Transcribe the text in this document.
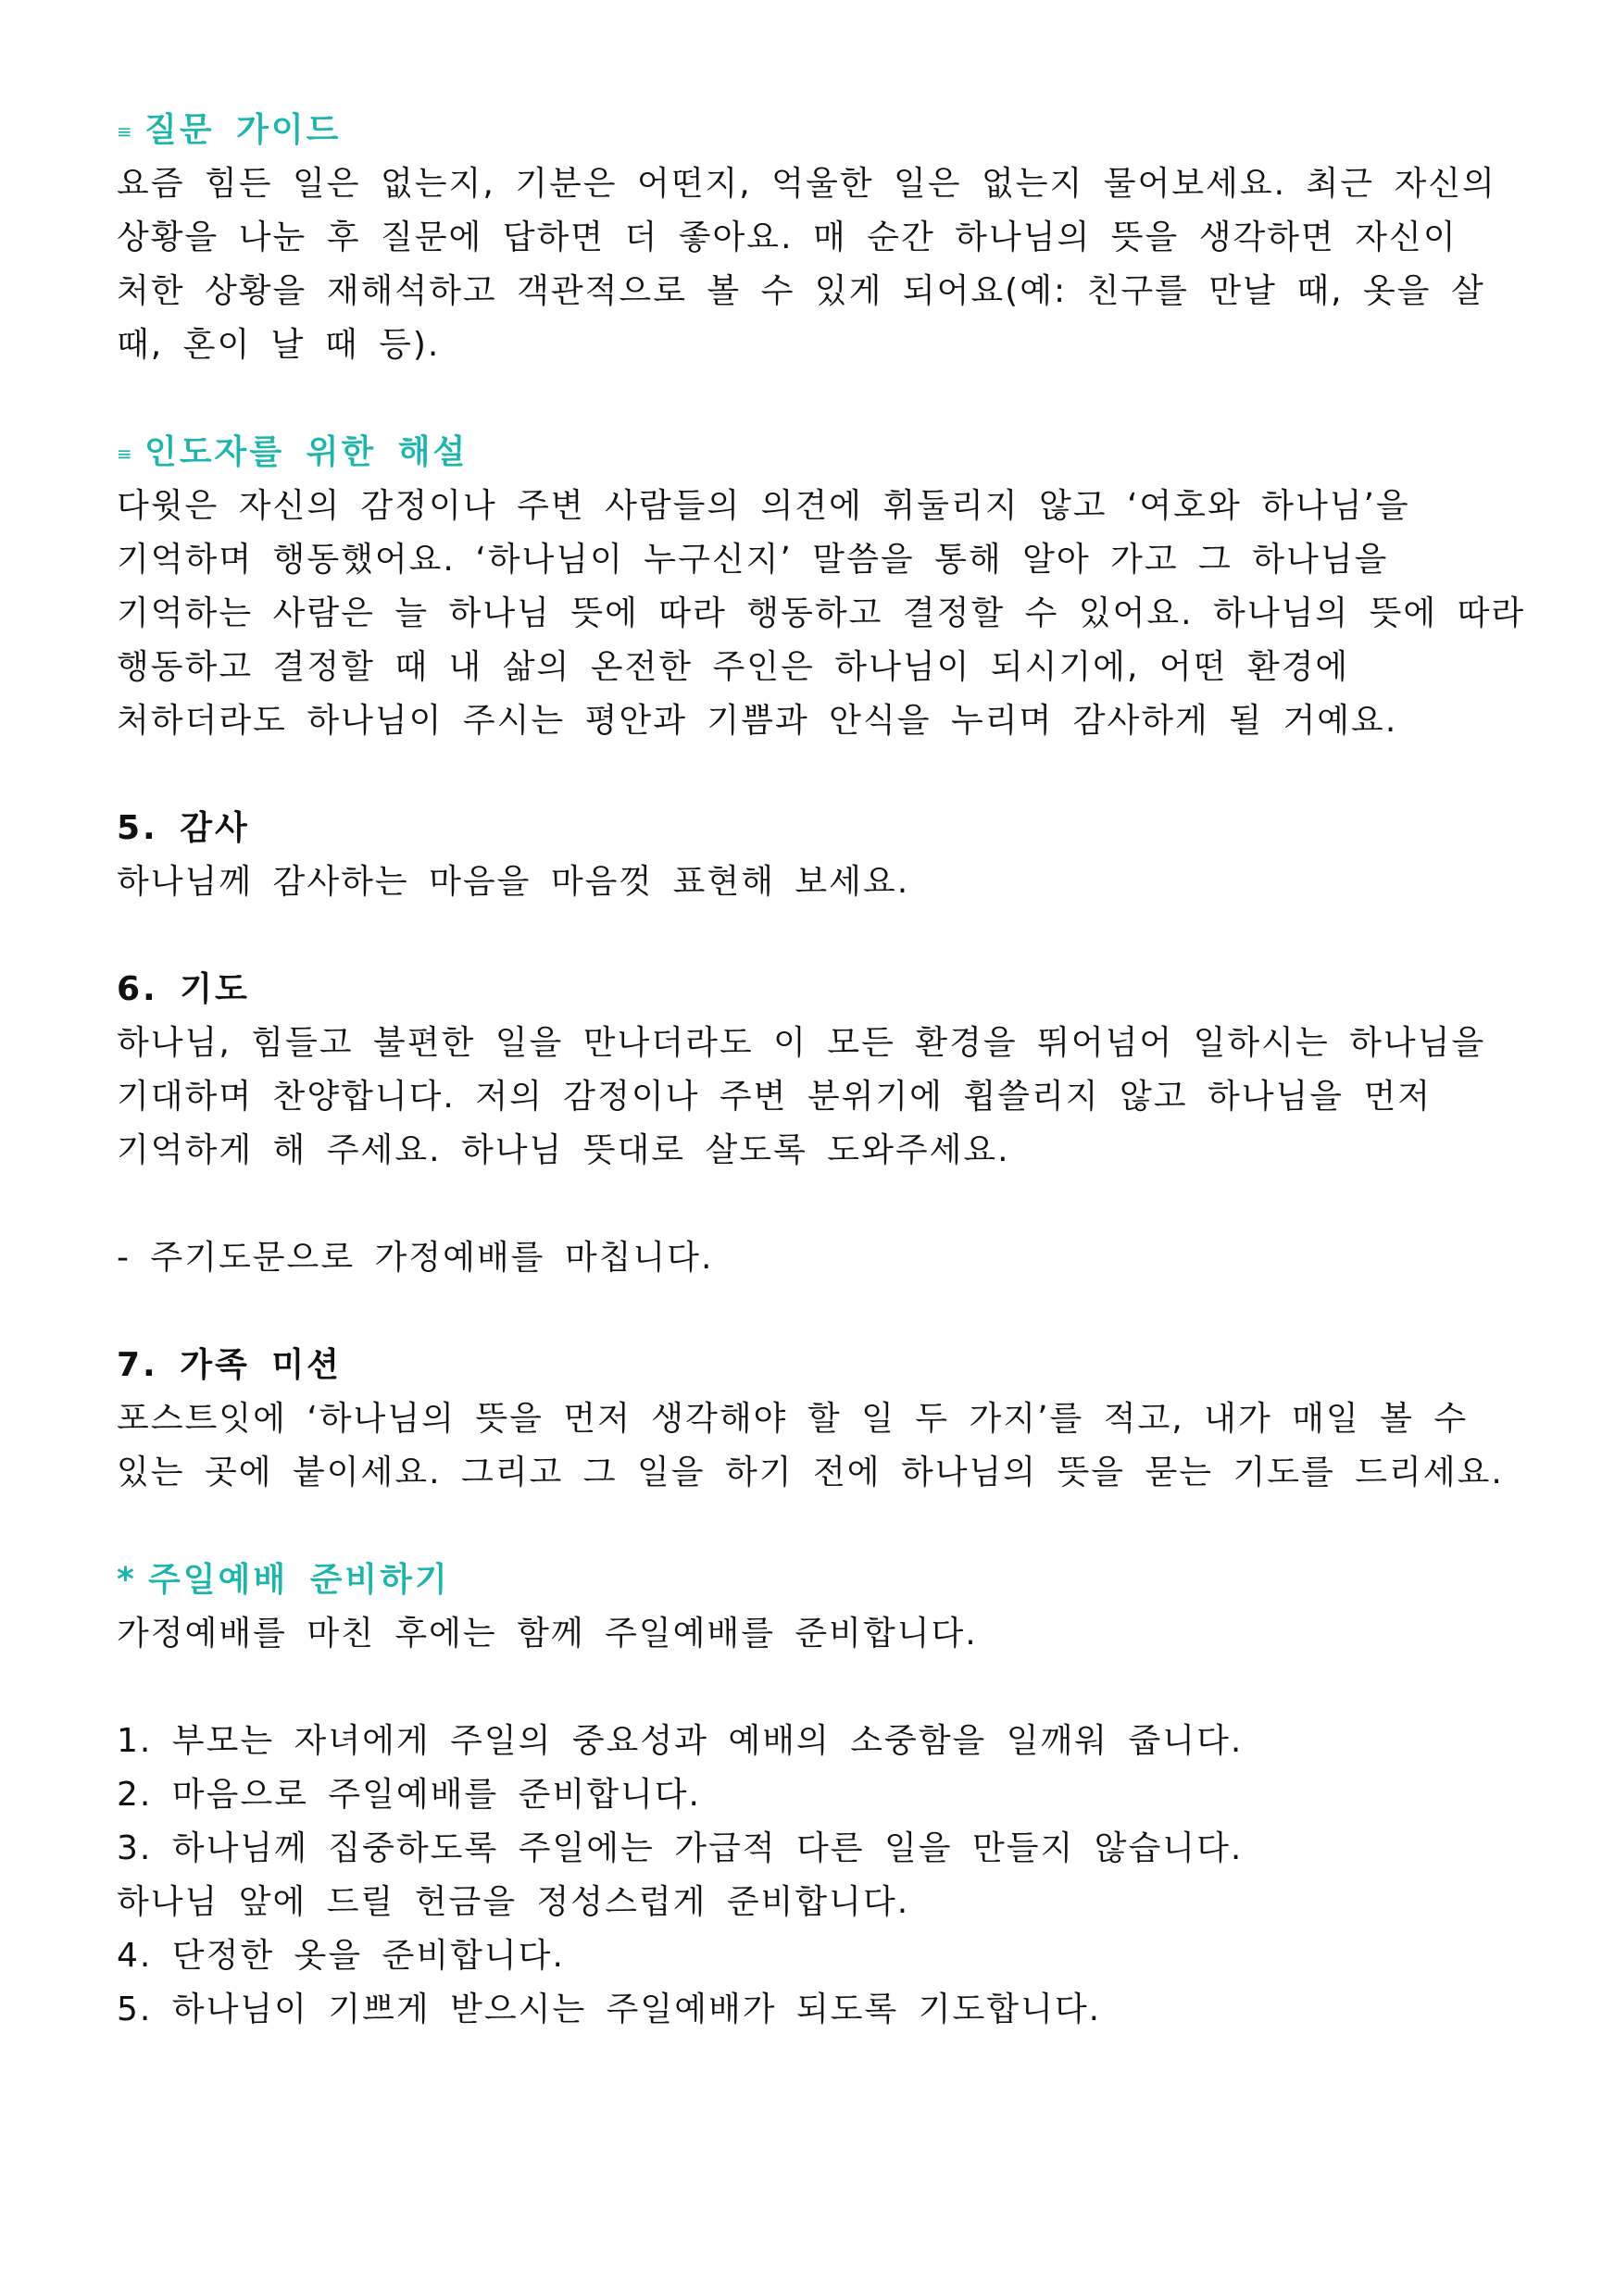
≡ 질문 가이드
요즘 힘든 일은 없는지, 기분은 어떤지, 억울한 일은 없는지 물어보세요. 최근 자신의
상황을 나눈 후 질문에 답하면 더 좋아요. 매 순간 하나님의 뜻을 생각하면 자신이
처한 상황을 재해석하고 객관적으로 볼 수 있게 되어요(예: 친구를 만날 때, 옷을 살
때, 혼이 날 때 등).
≡ 인도자를 위한 해설
다윗은 자신의 감정이나 주변 사람들의 의견에 휘둘리지 않고 ‘여호와 하나님’을
기억하며 행동했어요. ‘하나님이 누구신지’ 말씀을 통해 알아 가고 그 하나님을
기억하는 사람은 늘 하나님 뜻에 따라 행동하고 결정할 수 있어요. 하나님의 뜻에 따라
행동하고 결정할 때 내 삶의 온전한 주인은 하나님이 되시기에, 어떤 환경에
처하더라도 하나님이 주시는 평안과 기쁨과 안식을 누리며 감사하게 될 거예요.
5. 감사
하나님께 감사하는 마음을 마음껏 표현해 보세요.
6. 기도
하나님, 힘들고 불편한 일을 만나더라도 이 모든 환경을 뛰어넘어 일하시는 하나님을
기대하며 찬양합니다. 저의 감정이나 주변 분위기에 휩쓸리지 않고 하나님을 먼저
기억하게 해 주세요. 하나님 뜻대로 살도록 도와주세요.
- 주기도문으로 가정예배를 마칩니다.
7. 가족 미션
포스트잇에 ‘하나님의 뜻을 먼저 생각해야 할 일 두 가지’를 적고, 내가 매일 볼 수
있는 곳에 붙이세요. 그리고 그 일을 하기 전에 하나님의 뜻을 묻는 기도를 드리세요.
* 주일예배 준비하기
가정예배를 마친 후에는 함께 주일예배를 준비합니다.
1. 부모는 자녀에게 주일의 중요성과 예배의 소중함을 일깨워 줍니다.
2. 마음으로 주일예배를 준비합니다.
3. 하나님께 집중하도록 주일에는 가급적 다른 일을 만들지 않습니다.
하나님 앞에 드릴 헌금을 정성스럽게 준비합니다.
4. 단정한 옷을 준비합니다.
5. 하나님이 기쁘게 받으시는 주일예배가 되도록 기도합니다.
